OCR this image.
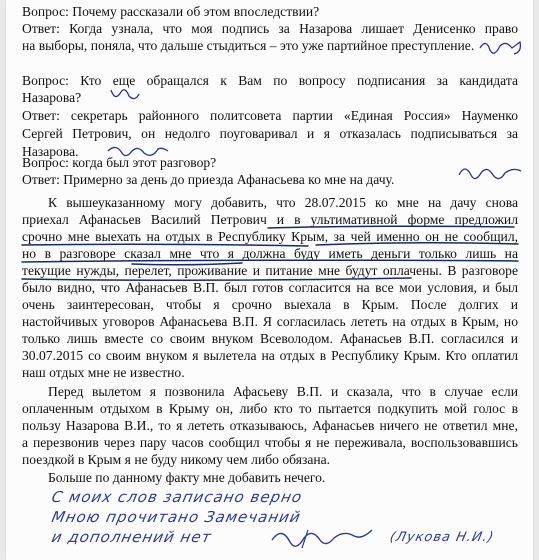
Вопрос: Почему рассказали об этом впоследствии?
Ответ: Когда узнала, что моя подпись за Назарова лишает Денисенко право
на выборы, поняла, что дальше стыдиться – это уже партийное преступление.
Вопрос: Кто еще обращался к Вам по вопросу подписания за кандидата
Назарова?
Ответ: секретарь районного политсовета партии «Единая Россия» Науменко
Сергей Петрович, он недолго поуговаривал и я отказалась подписываться за
Назарова.
Вопрос: когда был этот разговор?
Ответ: Примерно за день до приезда Афанасьева ко мне на дачу.
К вышеуказанному могу добавить, что 28.07.2015 ко мне на дачу снова
приехал Афанасьев Василий Петрович и в ультимативной форме предложил
срочно мне выехать на отдых в Республику Крым, за чей именно он не сообщил,
но в разговоре сказал мне что я должна буду иметь деньги только лишь на
текущие нужды, перелет, проживание и питание мне будут оплачены. В разговоре
было видно, что Афанасьев В.П. был готов согласится на все мои условия, и был
очень заинтересован, чтобы я срочно выехала в Крым. После долгих и
настойчивых уговоров Афанасьева В.П. Я согласилась лететь на отдых в Крым, но
только лишь вместе со своим внуком Всеволодом. Афанасьев В.П. согласился и
30.07.2015 со своим внуком я вылетела на отдых в Республику Крым. Кто оплатил
наш отдых мне не известно.
Перед вылетом я позвонила Афасьеву В.П. и сказала, что в случае если
оплаченным отдыхом в Крыму он, либо кто то пытается подкупить мой голос в
пользу Назарова В.И., то я лететь отказываюсь, Афанасьев ничего не ответил мне,
а перезвонив через пару часов сообщил чтобы я не переживала, воспользовавшись
поездкой в Крым я не буду никому чем либо обязана.
Больше по данному факту мне добавить нечего.
С моих слов записано верно
Мною прочитано Замечаний
и дополнений нет	(Лукова Н.И.)
